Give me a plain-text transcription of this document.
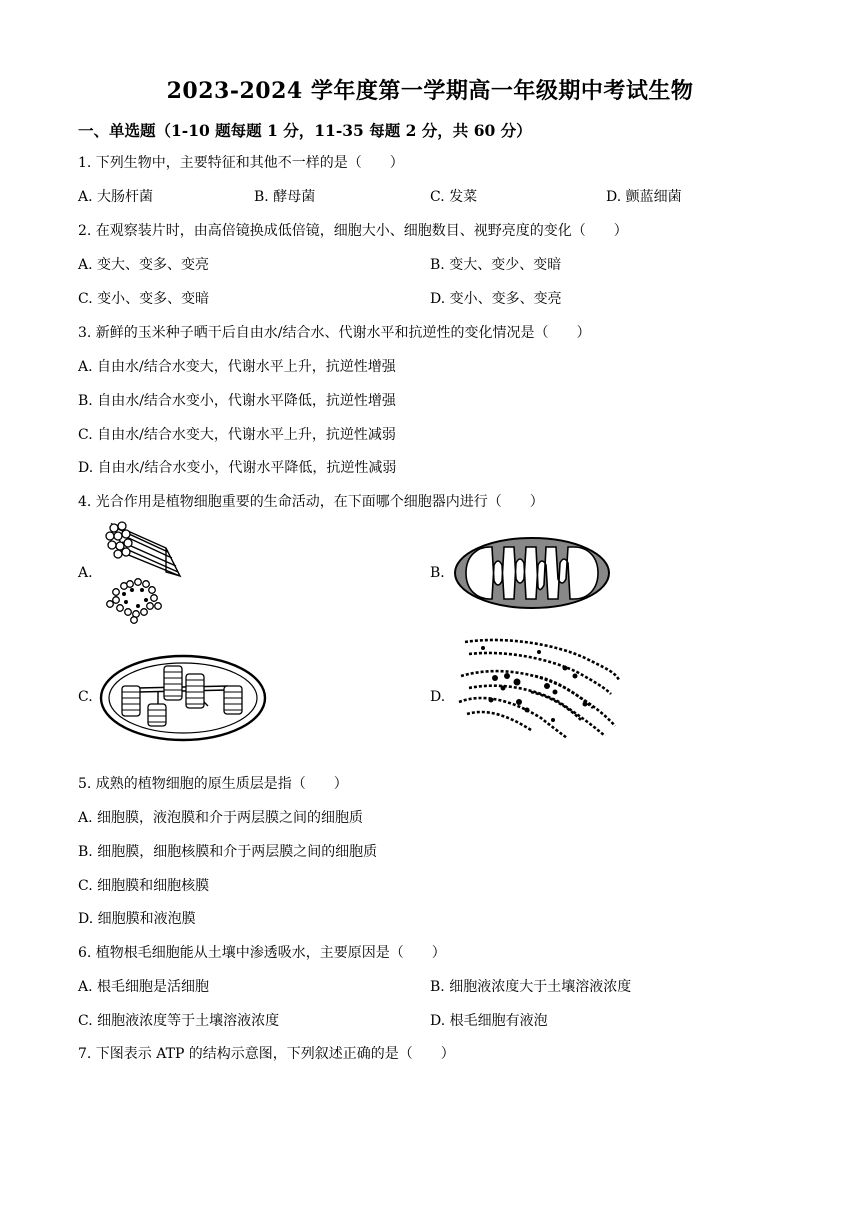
2023-2024 学年度第一学期高一年级期中考试生物
一、单选题（1-10 题每题 1 分，11-35 每题 2 分，共 60 分）
1. 下列生物中，主要特征和其他不一样的是（　　）
A. 大肠杆菌	B. 酵母菌	C. 发菜	D. 颤蓝细菌
2. 在观察装片时，由高倍镜换成低倍镜，细胞大小、细胞数目、视野亮度的变化（　　）
A. 变大、变多、变亮	B. 变大、变少、变暗
C. 变小、变多、变暗	D. 变小、变多、变亮
3. 新鲜的玉米种子晒干后自由水/结合水、代谢水平和抗逆性的变化情况是（　　）
A. 自由水/结合水变大，代谢水平上升，抗逆性增强
B. 自由水/结合水变小，代谢水平降低，抗逆性增强
C. 自由水/结合水变大，代谢水平上升，抗逆性减弱
D. 自由水/结合水变小，代谢水平降低，抗逆性减弱
4. 光合作用是植物细胞重要的生命活动，在下面哪个细胞器内进行（　　）
A.	B.
C.	D.
5. 成熟的植物细胞的原生质层是指（　　）
A. 细胞膜，液泡膜和介于两层膜之间的细胞质
B. 细胞膜，细胞核膜和介于两层膜之间的细胞质
C. 细胞膜和细胞核膜
D. 细胞膜和液泡膜
6. 植物根毛细胞能从土壤中渗透吸水，主要原因是（　　）
A. 根毛细胞是活细胞	B. 细胞液浓度大于土壤溶液浓度
C. 细胞液浓度等于土壤溶液浓度	D. 根毛细胞有液泡
7. 下图表示 ATP 的结构示意图，下列叙述正确的是（　　）
